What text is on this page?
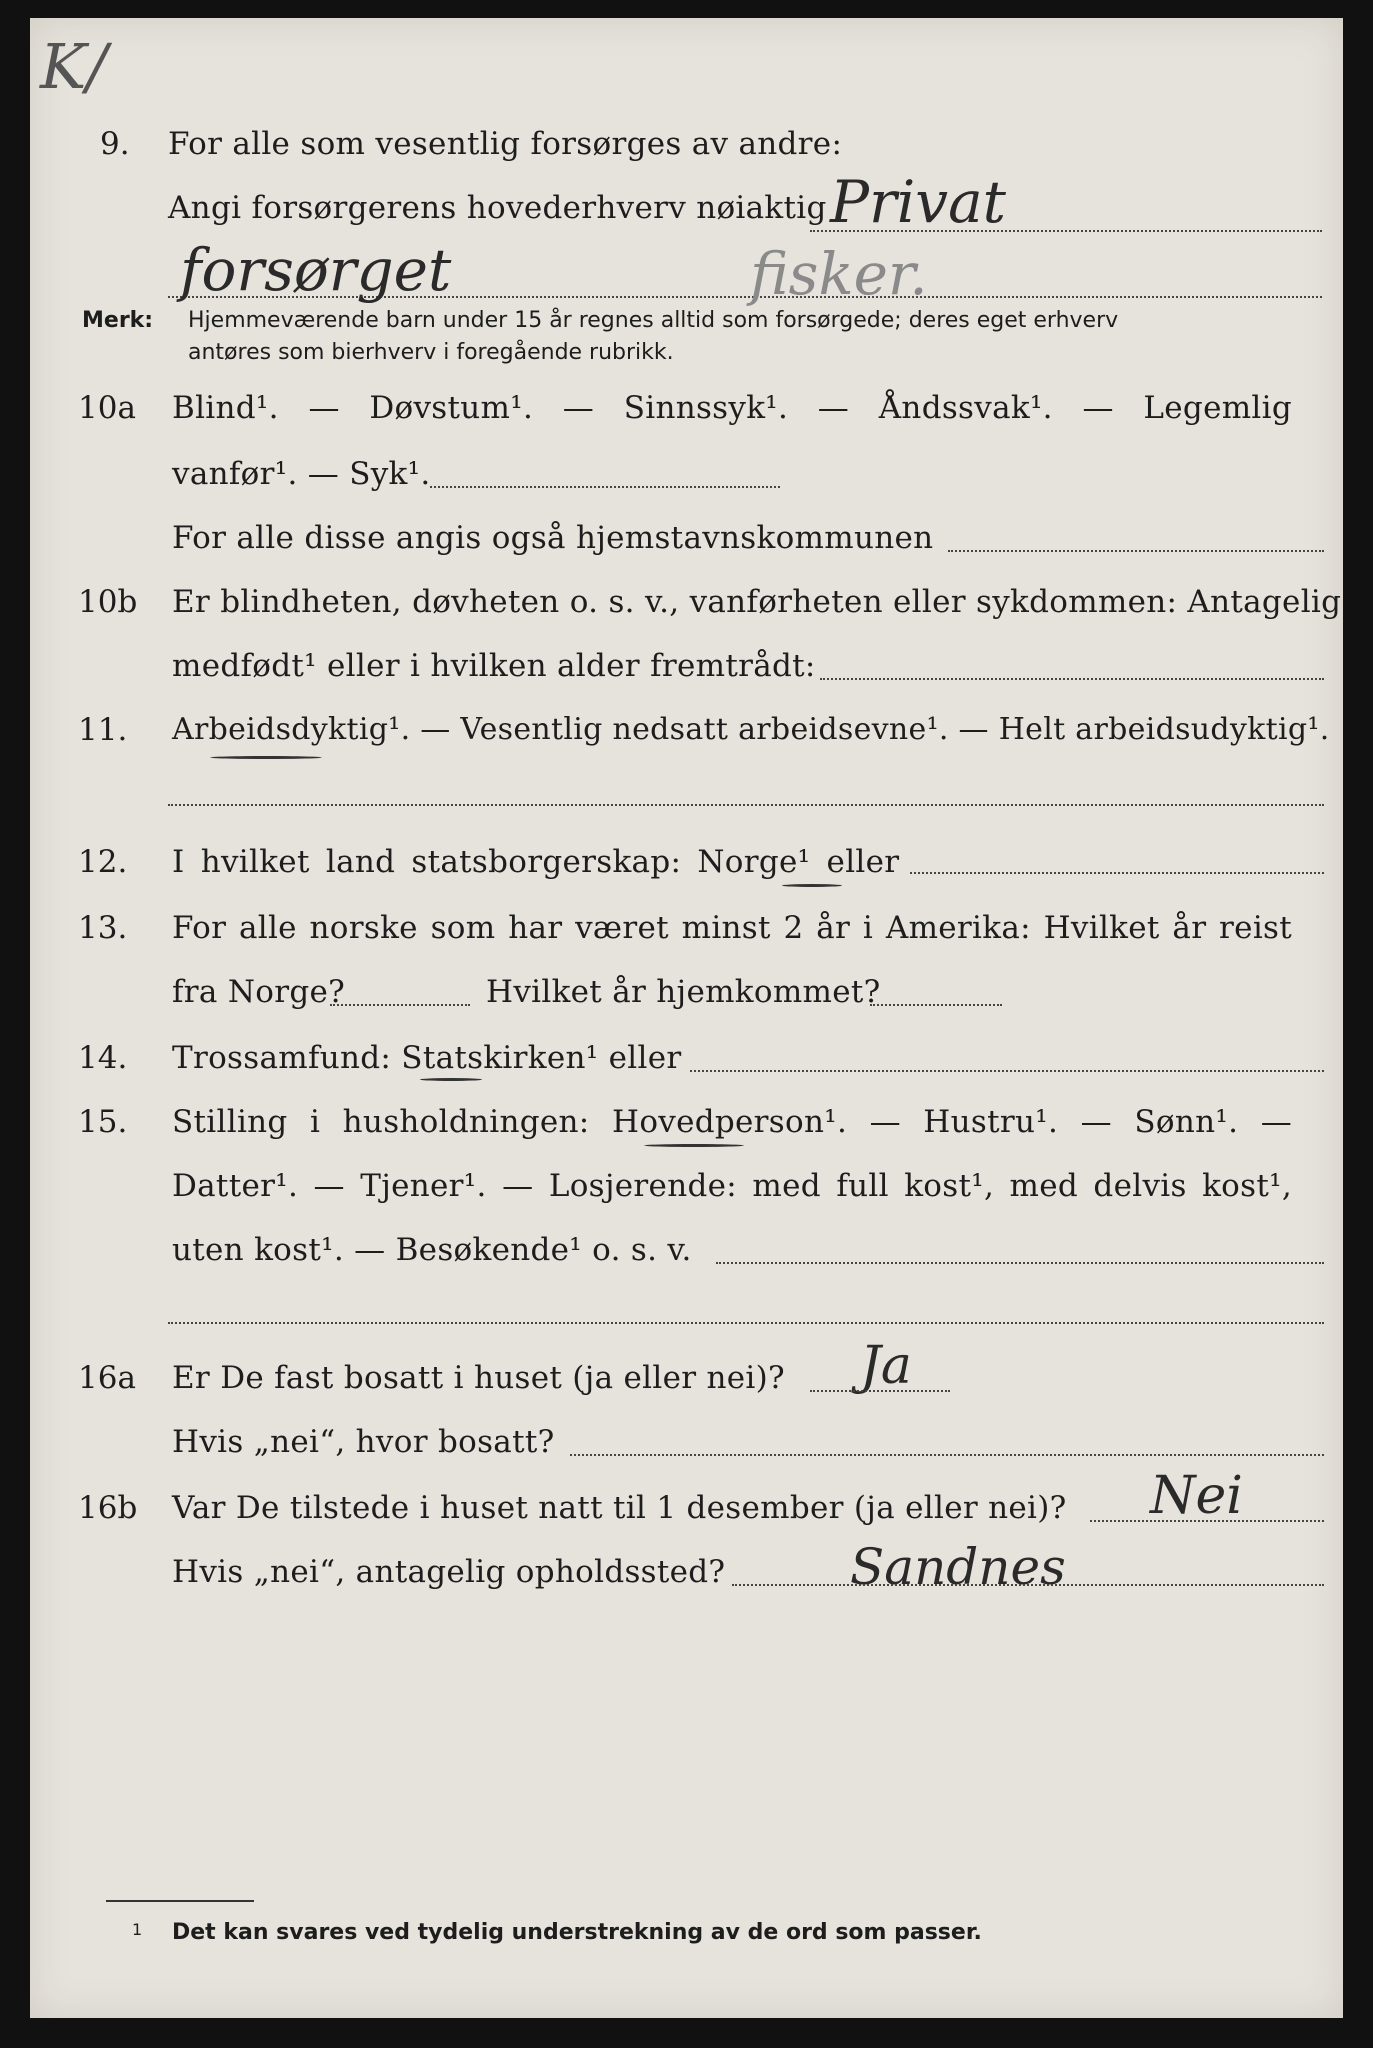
K/
9. For alle som vesentlig forsørges av andre:
Angi forsørgerens hovederhverv nøiaktig Privat
forsørget	fisker.
Merk: Hjemmeværende barn under 15 år regnes alltid som forsørgede; deres eget erhverv
antøres som bierhverv i foregående rubrikk.
10a Blind¹. — Døvstum¹. — Sinnssyk¹. — Åndssvak¹. — Legemlig
vanfør¹. — Syk¹.
For alle disse angis også hjemstavnskommunen
10b Er blindheten, døvheten o. s. v., vanførheten eller sykdommen: Antagelig
medfødt¹ eller i hvilken alder fremtrådt:
11. Arbeidsdyktig¹. — Vesentlig nedsatt arbeidsevne¹. — Helt arbeidsudyktig¹.
12. I hvilket land statsborgerskap: Norge¹ eller
13. For alle norske som har været minst 2 år i Amerika: Hvilket år reist
fra Norge?	Hvilket år hjemkommet?
14. Trossamfund: Statskirken¹ eller
15. Stilling i husholdningen: Hovedperson¹. — Hustru¹. — Sønn¹. —
Datter¹. — Tjener¹. — Losjerende: med full kost¹, med delvis kost¹,
uten kost¹. — Besøkende¹ o. s. v.
16a Er De fast bosatt i huset (ja eller nei)? Ja
Hvis „nei“, hvor bosatt?
16b Var De tilstede i huset natt til 1 desember (ja eller nei)? Nei
Hvis „nei“, antagelig opholdssted? Sandnes
1 Det kan svares ved tydelig understrekning av de ord som passer.
